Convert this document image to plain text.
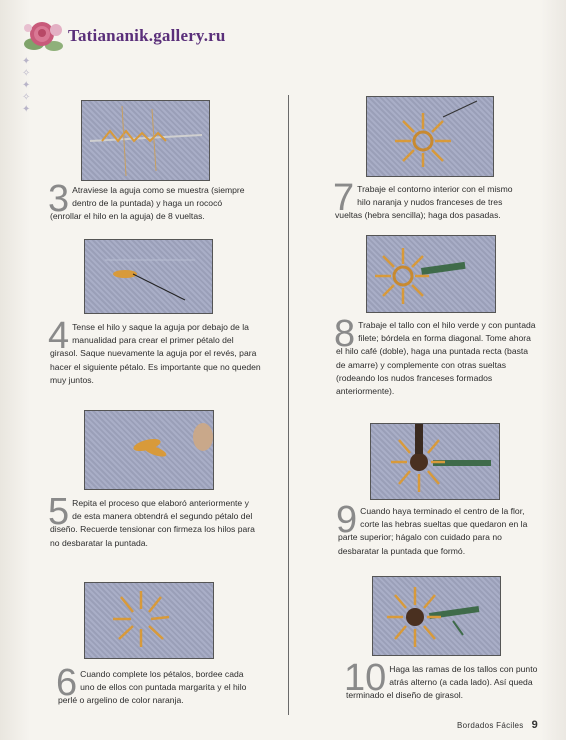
Tatiananik.gallery.ru
✦
✧
✦
✧
✦
3 Atraviese la aguja como se muestra (siempre dentro de la puntada) y haga un rococó (enrollar el hilo en la aguja) de 8 vueltas.
4 Tense el hilo y saque la aguja por debajo de la manualidad para crear el primer pétalo del girasol. Saque nuevamente la aguja por el revés, para hacer el siguiente pétalo. Es importante que no queden muy juntos.
5 Repita el proceso que elaboró anteriormente y de esta manera obtendrá el segundo pétalo del diseño. Recuerde tensionar con firmeza los hilos para no desbaratar la puntada.
6 Cuando complete los pétalos, bordee cada uno de ellos con puntada margarita y el hilo perlé o argelino de color naranja.
7 Trabaje el contorno interior con el mismo hilo naranja y nudos franceses de tres vueltas (hebra sencilla); haga dos pasadas.
8 Trabaje el tallo con el hilo verde y con puntada filete; bórdela en forma diagonal. Tome ahora el hilo café (doble), haga una puntada recta (basta de amarre) y complemente con otras sueltas (rodeando los nudos franceses formados anteriormente).
9 Cuando haya terminado el centro de la flor, corte las hebras sueltas que quedaron en la parte superior; hágalo con cuidado para no desbaratar la puntada que formó.
10 Haga las ramas de los tallos con punto atrás alterno (a cada lado). Así queda terminado el diseño de girasol.
Bordados Fáciles 9
